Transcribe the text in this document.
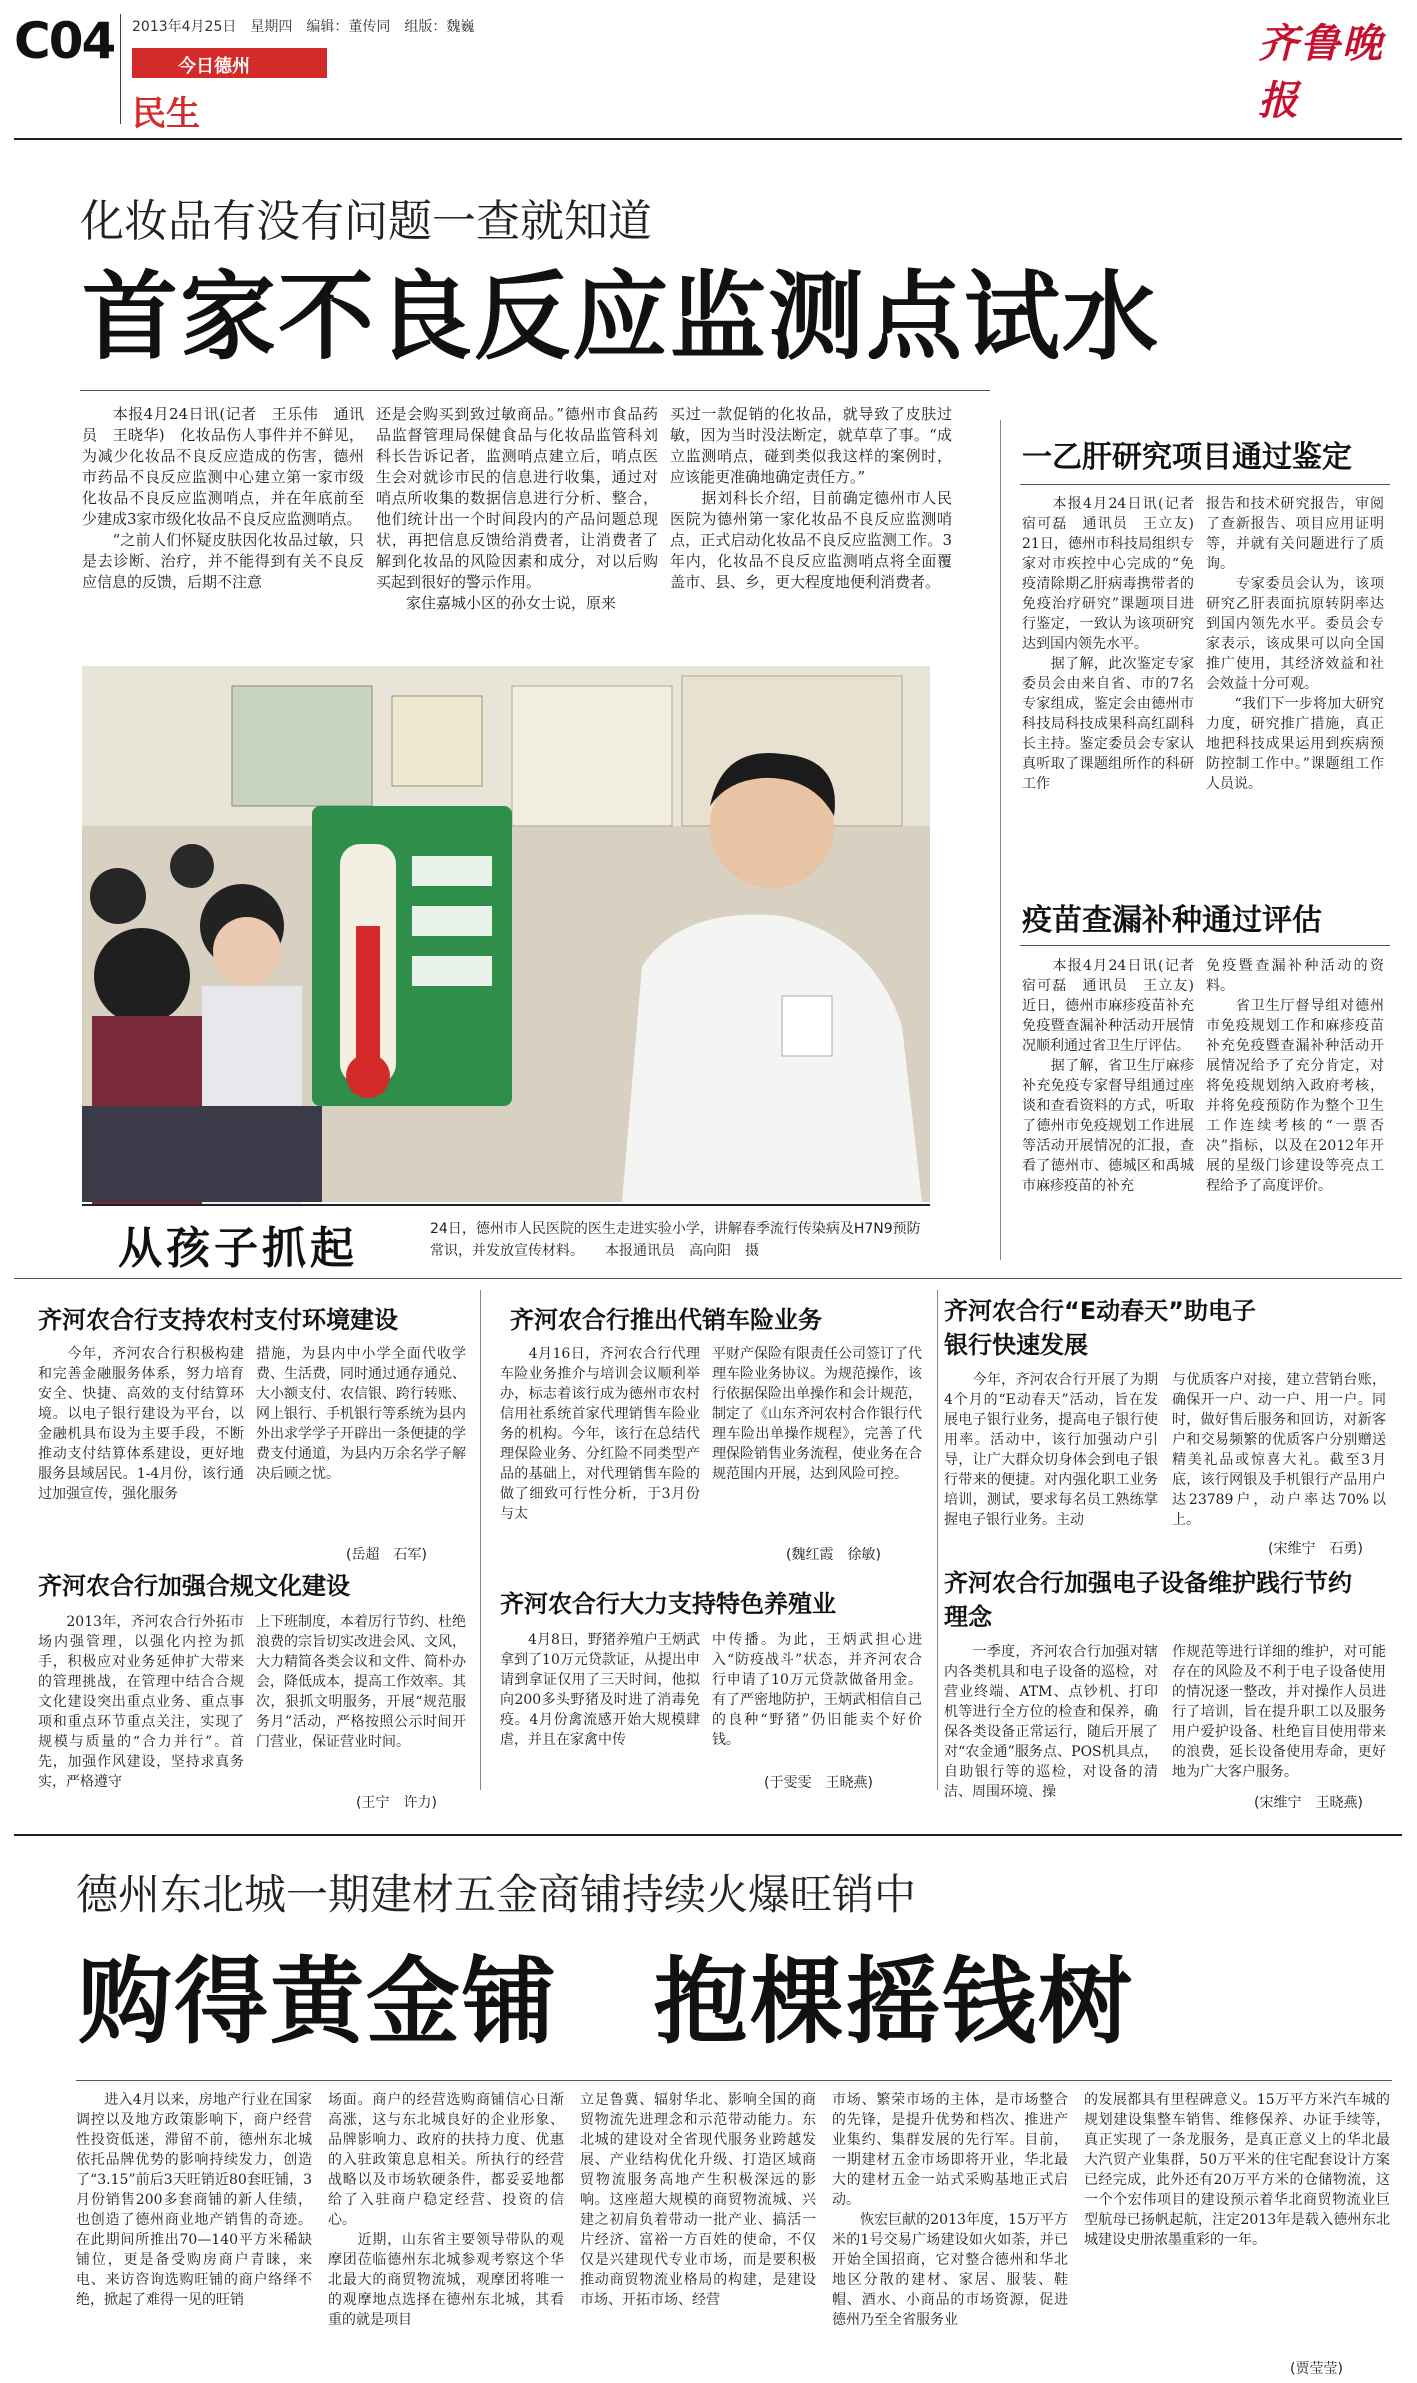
C04 2013年4月25日　星期四　编辑：董传同　组版：魏巍
今日德州
民生
齐鲁晚报
化妆品有没有问题一查就知道
首家不良反应监测点试水
　　本报4月24日讯(记者　王乐伟　通讯员　王晓华)　化妆品伤人事件并不鲜见，为减少化妆品不良反应造成的伤害，德州市药品不良反应监测中心建立第一家市级化妆品不良反应监测哨点，并在年底前至少建成3家市级化妆品不良反应监测哨点。
　　“之前人们怀疑皮肤因化妆品过敏，只是去诊断、治疗，并不能得到有关不良反应信息的反馈，后期不注意
还是会购买到致过敏商品。”德州市食品药品监督管理局保健食品与化妆品监管科刘科长告诉记者，监测哨点建立后，哨点医生会对就诊市民的信息进行收集，通过对哨点所收集的数据信息进行分析、整合，他们统计出一个时间段内的产品问题总现状，再把信息反馈给消费者，让消费者了解到化妆品的风险因素和成分，对以后购买起到很好的警示作用。
　　家住嘉城小区的孙女士说，原来
买过一款促销的化妆品，就导致了皮肤过敏，因为当时没法断定，就草草了事。“成立监测哨点，碰到类似我这样的案例时，应该能更准确地确定责任方。”
　　据刘科长介绍，目前确定德州市人民医院为德州第一家化妆品不良反应监测哨点，正式启动化妆品不良反应监测工作。3年内，化妆品不良反应监测哨点将全面覆盖市、县、乡，更大程度地便利消费者。
从孩子抓起	24日，德州市人民医院的医生走进实验小学，讲解春季流行传染病及H7N9预防常识，并发放宣传材料。　　本报通讯员　高向阳　摄
一乙肝研究项目通过鉴定
　　本报4月24日讯(记者　宿可磊　通讯员　王立友)　21日，德州市科技局组织专家对市疾控中心完成的“免疫清除期乙肝病毒携带者的免疫治疗研究”课题项目进行鉴定，一致认为该项研究达到国内领先水平。
　　据了解，此次鉴定专家委员会由来自省、市的7名专家组成，鉴定会由德州市科技局科技成果科高红副科长主持。鉴定委员会专家认真听取了课题组所作的科研工作
报告和技术研究报告，审阅了查新报告、项目应用证明等，并就有关问题进行了质询。
　　专家委员会认为，该项研究乙肝表面抗原转阴率达到国内领先水平。委员会专家表示，该成果可以向全国推广使用，其经济效益和社会效益十分可观。
　　“我们下一步将加大研究力度，研究推广措施，真正地把科技成果运用到疾病预防控制工作中。”课题组工作人员说。
疫苗查漏补种通过评估
　　本报4月24日讯(记者　宿可磊　通讯员　王立友)　近日，德州市麻疹疫苗补充免疫暨查漏补种活动开展情况顺利通过省卫生厅评估。
　　据了解，省卫生厅麻疹补充免疫专家督导组通过座谈和查看资料的方式，听取了德州市免疫规划工作进展等活动开展情况的汇报，查看了德州市、德城区和禹城市麻疹疫苗的补充
免疫暨查漏补种活动的资料。
　　省卫生厅督导组对德州市免疫规划工作和麻疹疫苗补充免疫暨查漏补种活动开展情况给予了充分肯定，对将免疫规划纳入政府考核，并将免疫预防作为整个卫生工作连续考核的“一票否决”指标，以及在2012年开展的星级门诊建设等亮点工程给予了高度评价。
齐河农合行支持农村支付环境建设
　　今年，齐河农合行积极构建和完善金融服务体系，努力培育安全、快捷、高效的支付结算环境。以电子银行建设为平台，以金融机具布设为主要手段，不断推动支付结算体系建设，更好地服务县域居民。1-4月份，该行通过加强宣传，强化服务
措施，为县内中小学全面代收学费、生活费，同时通过通存通兑、大小额支付、农信银、跨行转账、网上银行、手机银行等系统为县内外出求学学子开辟出一条便捷的学费支付通道，为县内万余名学子解决后顾之忧。
(岳超　石军)
齐河农合行加强合规文化建设
　　2013年，齐河农合行外拓市场内强管理，以强化内控为抓手，积极应对业务延伸扩大带来的管理挑战，在管理中结合合规文化建设突出重点业务、重点事项和重点环节重点关注，实现了规模与质量的“合力并行”。首先，加强作风建设，坚持求真务实，严格遵守
上下班制度，本着厉行节约、杜绝浪费的宗旨切实改进会风、文风，大力精简各类会议和文件、简朴办会，降低成本，提高工作效率。其次，狠抓文明服务，开展“规范服务月”活动，严格按照公示时间开门营业，保证营业时间。
(王宁　许力)
齐河农合行推出代销车险业务
　　4月16日，齐河农合行代理车险业务推介与培训会议顺利举办，标志着该行成为德州市农村信用社系统首家代理销售车险业务的机构。今年，该行在总结代理保险业务、分红险不同类型产品的基础上，对代理销售车险的做了细致可行性分析，于3月份与太
平财产保险有限责任公司签订了代理车险业务协议。为规范操作，该行依据保险出单操作和会计规范，制定了《山东齐河农村合作银行代理车险出单操作规程》，完善了代理保险销售业务流程，使业务在合规范围内开展，达到风险可控。
(魏红霞　徐敏)
齐河农合行大力支持特色养殖业
　　4月8日，野猪养殖户王炳武拿到了10万元贷款证，从提出申请到拿证仅用了三天时间，他拟向200多头野猪及时进了消毒免疫。4月份禽流感开始大规模肆虐，并且在家禽中传
中传播。为此，王炳武担心进入“防疫战斗”状态，并齐河农合行申请了10万元贷款做备用金。有了严密地防护，王炳武相信自己的良种“野猪”仍旧能卖个好价钱。
(于雯雯　王晓燕)
齐河农合行“E动春天”助电子银行快速发展
　　今年，齐河农合行开展了为期4个月的“E动春天”活动，旨在发展电子银行业务，提高电子银行使用率。活动中，该行加强动户引导，让广大群众切身体会到电子银行带来的便捷。对内强化职工业务培训，测试，要求每名员工熟练掌握电子银行业务。主动
与优质客户对接，建立营销台账，确保开一户、动一户、用一户。同时，做好售后服务和回访，对新客户和交易频繁的优质客户分别赠送精美礼品或惊喜大礼。截至3月底，该行网银及手机银行产品用户达23789户，动户率达70%以上。
(宋维宁　石勇)
齐河农合行加强电子设备维护践行节约理念
　　一季度，齐河农合行加强对辖内各类机具和电子设备的巡检，对营业终端、ATM、点钞机、打印机等进行全方位的检查和保养，确保各类设备正常运行，随后开展了对“农金通”服务点、POS机具点，自助银行等的巡检，对设备的清洁、周围环境、操
作规范等进行详细的维护，对可能存在的风险及不利于电子设备使用的情况逐一整改，并对操作人员进行了培训，旨在提升职工以及服务用户爱护设备、杜绝盲目使用带来的浪费，延长设备使用寿命，更好地为广大客户服务。
(宋维宁　王晓燕)
德州东北城一期建材五金商铺持续火爆旺销中
购得黄金铺　抱棵摇钱树
　　进入4月以来，房地产行业在国家调控以及地方政策影响下，商户经营性投资低迷，滞留不前，德州东北城依托品牌优势的影响持续发力，创造了“3.15”前后3天旺销近80套旺铺，3月份销售200多套商铺的新人佳绩，也创造了德州商业地产销售的奇迹。在此期间所推出70—140平方米稀缺铺位，更是备受购房商户青睐，来电、来访咨询选购旺铺的商户络绎不绝，掀起了难得一见的旺销
场面。商户的经营选购商铺信心日渐高涨，这与东北城良好的企业形象、品牌影响力、政府的扶持力度、优惠的入驻政策息息相关。所执行的经营战略以及市场软硬条件，都妥妥地都给了入驻商户稳定经营、投资的信心。
　　近期，山东省主要领导带队的观摩团莅临德州东北城参观考察这个华北最大的商贸物流城，观摩团将唯一的观摩地点选择在德州东北城，其看重的就是项目
立足鲁冀、辐射华北、影响全国的商贸物流先进理念和示范带动能力。东北城的建设对全省现代服务业跨越发展、产业结构优化升级、打造区域商贸物流服务高地产生积极深远的影响。这座超大规模的商贸物流城、兴建之初肩负着带动一批产业、搞活一片经济、富裕一方百姓的使命，不仅仅是兴建现代专业市场，而是要积极推动商贸物流业格局的构建，是建设市场、开拓市场、经营
市场、繁荣市场的主体，是市场整合的先锋，是提升优势和档次、推进产业集约、集群发展的先行军。目前，一期建材五金市场即将开业，华北最大的建材五金一站式采购基地正式启动。
　　恢宏巨献的2013年度，15万平方米的1号交易广场建设如火如荼，并已开始全国招商，它对整合德州和华北地区分散的建材、家居、服装、鞋帽、酒水、小商品的市场资源，促进德州乃至全省服务业
的发展都具有里程碑意义。15万平方米汽车城的规划建设集整车销售、维修保养、办证手续等，真正实现了一条龙服务，是真正意义上的华北最大汽贸产业集群，50万平米的住宅配套设计方案已经完成，此外还有20万平方米的仓储物流，这一个个宏伟项目的建设预示着华北商贸物流业巨型航母已扬帆起航，注定2013年是载入德州东北城建设史册浓墨重彩的一年。
(贾莹莹)
